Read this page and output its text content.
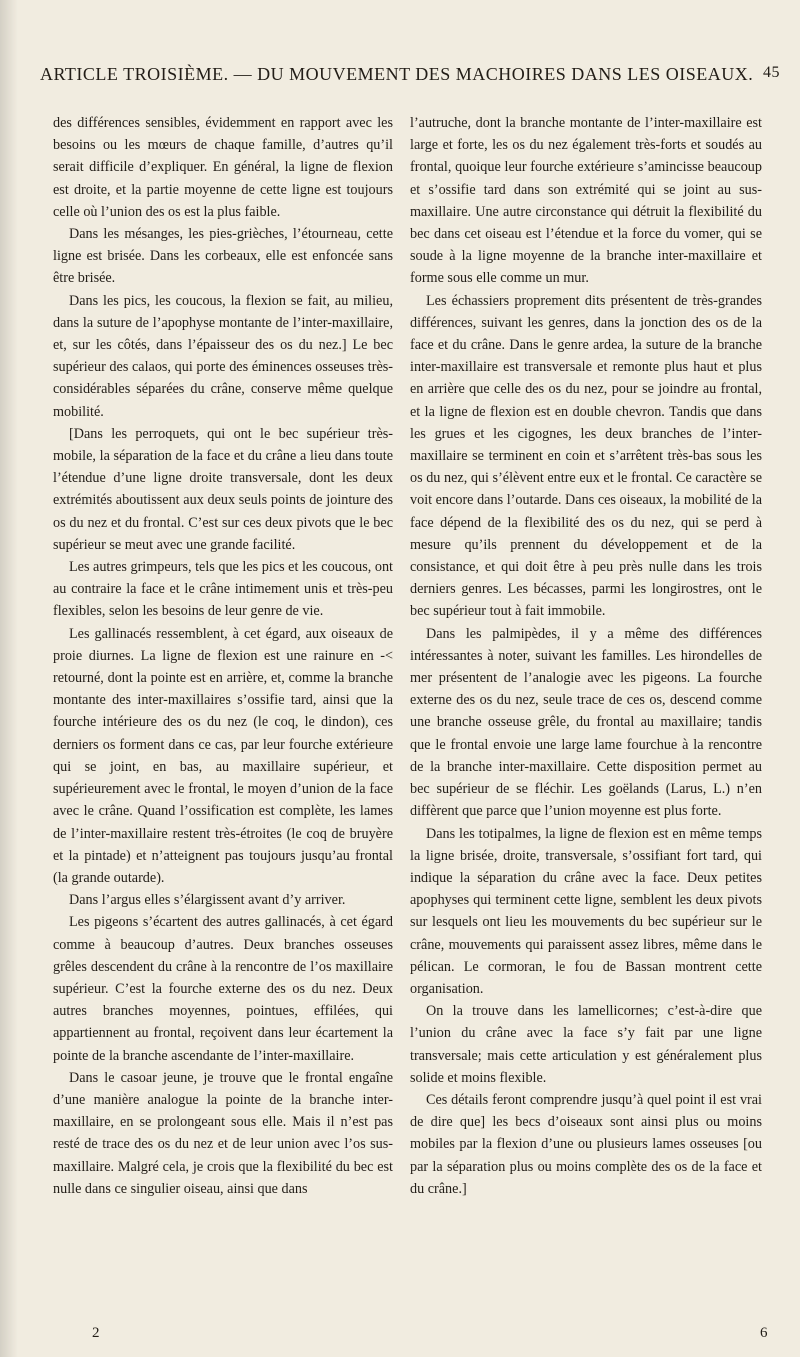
ARTICLE TROISIÈME. — DU MOUVEMENT DES MACHOIRES DANS LES OISEAUX. 45

des différences sensibles, évidemment en rapport avec les besoins ou les mœurs de chaque famille, d’autres qu’il serait difficile d’expliquer. En général, la ligne de flexion est droite, et la partie moyenne de cette ligne est toujours celle où l’union des os est la plus faible.

Dans les mésanges, les pies-grièches, l’étourneau, cette ligne est brisée. Dans les corbeaux, elle est enfoncée sans être brisée.

Dans les pics, les coucous, la flexion se fait, au milieu, dans la suture de l’apophyse montante de l’inter-maxillaire, et, sur les côtés, dans l’épaisseur des os du nez.] Le bec supérieur des calaos, qui porte des éminences osseuses très-considérables séparées du crâne, conserve même quelque mobilité.

[Dans les perroquets, qui ont le bec supérieur très-mobile, la séparation de la face et du crâne a lieu dans toute l’étendue d’une ligne droite transversale, dont les deux extrémités aboutissent aux deux seuls points de jointure des os du nez et du frontal. C’est sur ces deux pivots que le bec supérieur se meut avec une grande facilité.

Les autres grimpeurs, tels que les pics et les coucous, ont au contraire la face et le crâne intimement unis et très-peu flexibles, selon les besoins de leur genre de vie.

Les gallinacés ressemblent, à cet égard, aux oiseaux de proie diurnes. La ligne de flexion est une rainure en -< retourné, dont la pointe est en arrière, et, comme la branche montante des inter-maxillaires s’ossifie tard, ainsi que la fourche intérieure des os du nez (le coq, le dindon), ces derniers os forment dans ce cas, par leur fourche extérieure qui se joint, en bas, au maxillaire supérieur, et supérieurement avec le frontal, le moyen d’union de la face avec le crâne. Quand l’ossification est complète, les lames de l’inter-maxillaire restent très-étroites (le coq de bruyère et la pintade) et n’atteignent pas toujours jusqu’au frontal (la grande outarde).

Dans l’argus elles s’élargissent avant d’y arriver.

Les pigeons s’écartent des autres gallinacés, à cet égard comme à beaucoup d’autres. Deux branches osseuses grêles descendent du crâne à la rencontre de l’os maxillaire supérieur. C’est la fourche externe des os du nez. Deux autres branches moyennes, pointues, effilées, qui appartiennent au frontal, reçoivent dans leur écartement la pointe de la branche ascendante de l’inter-maxillaire.

Dans le casoar jeune, je trouve que le frontal engaîne d’une manière analogue la pointe de la branche inter-maxillaire, en se prolongeant sous elle. Mais il n’est pas resté de trace des os du nez et de leur union avec l’os sus-maxillaire. Malgré cela, je crois que la flexibilité du bec est nulle dans ce singulier oiseau, ainsi que dans

l’autruche, dont la branche montante de l’inter-maxillaire est large et forte, les os du nez également très-forts et soudés au frontal, quoique leur fourche extérieure s’amincisse beaucoup et s’ossifie tard dans son extrémité qui se joint au sus-maxillaire. Une autre circonstance qui détruit la flexibilité du bec dans cet oiseau est l’étendue et la force du vomer, qui se soude à la ligne moyenne de la branche inter-maxillaire et forme sous elle comme un mur.

Les échassiers proprement dits présentent de très-grandes différences, suivant les genres, dans la jonction des os de la face et du crâne. Dans le genre ardea, la suture de la branche inter-maxillaire est transversale et remonte plus haut et plus en arrière que celle des os du nez, pour se joindre au frontal, et la ligne de flexion est en double chevron. Tandis que dans les grues et les cigognes, les deux branches de l’inter-maxillaire se terminent en coin et s’arrêtent très-bas sous les os du nez, qui s’élèvent entre eux et le frontal. Ce caractère se voit encore dans l’outarde. Dans ces oiseaux, la mobilité de la face dépend de la flexibilité des os du nez, qui se perd à mesure qu’ils prennent du développement et de la consistance, et qui doit être à peu près nulle dans les trois derniers genres. Les bécasses, parmi les longirostres, ont le bec supérieur tout à fait immobile.

Dans les palmipèdes, il y a même des différences intéressantes à noter, suivant les familles. Les hirondelles de mer présentent de l’analogie avec les pigeons. La fourche externe des os du nez, seule trace de ces os, descend comme une branche osseuse grêle, du frontal au maxillaire; tandis que le frontal envoie une large lame fourchue à la rencontre de la branche inter-maxillaire. Cette disposition permet au bec supérieur de se fléchir. Les goëlands (Larus, L.) n’en diffèrent que parce que l’union moyenne est plus forte.

Dans les totipalmes, la ligne de flexion est en même temps la ligne brisée, droite, transversale, s’ossifiant fort tard, qui indique la séparation du crâne avec la face. Deux petites apophyses qui terminent cette ligne, semblent les deux pivots sur lesquels ont lieu les mouvements du bec supérieur sur le crâne, mouvements qui paraissent assez libres, même dans le pélican. Le cormoran, le fou de Bassan montrent cette organisation.

On la trouve dans les lamellicornes; c’est-à-dire que l’union du crâne avec la face s’y fait par une ligne transversale; mais cette articulation y est généralement plus solide et moins flexible.

Ces détails feront comprendre jusqu’à quel point il est vrai de dire que] les becs d’oiseaux sont ainsi plus ou moins mobiles par la flexion d’une ou plusieurs lames osseuses [ou par la séparation plus ou moins complète des os de la face et du crâne.]

2	6
